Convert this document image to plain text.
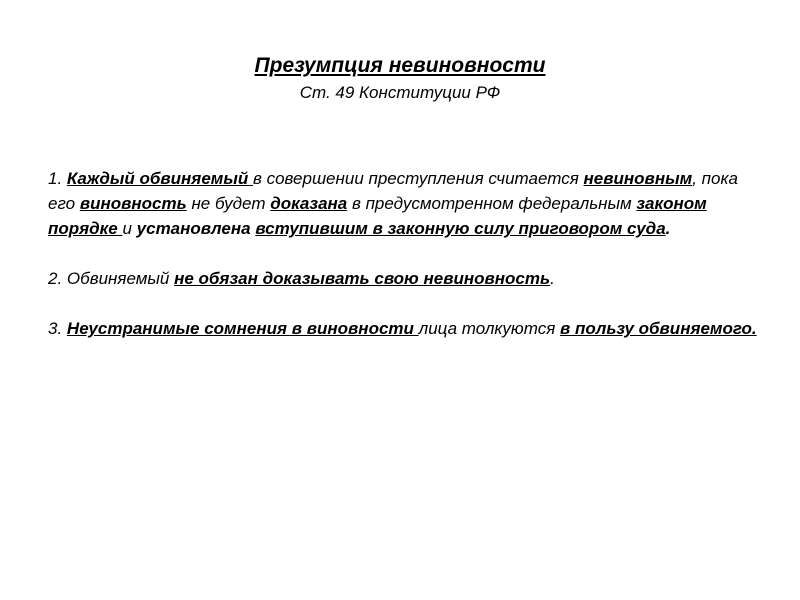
Презумпция невиновности
Ст. 49 Конституции РФ

1. Каждый обвиняемый в совершении преступления считается невиновным, пока его виновность не будет доказана в предусмотренном федеральным законом порядке и установлена вступившим в законную силу приговором суда.

2. Обвиняемый не обязан доказывать свою невиновность.

3. Неустранимые сомнения в виновности лица толкуются в пользу обвиняемого.
